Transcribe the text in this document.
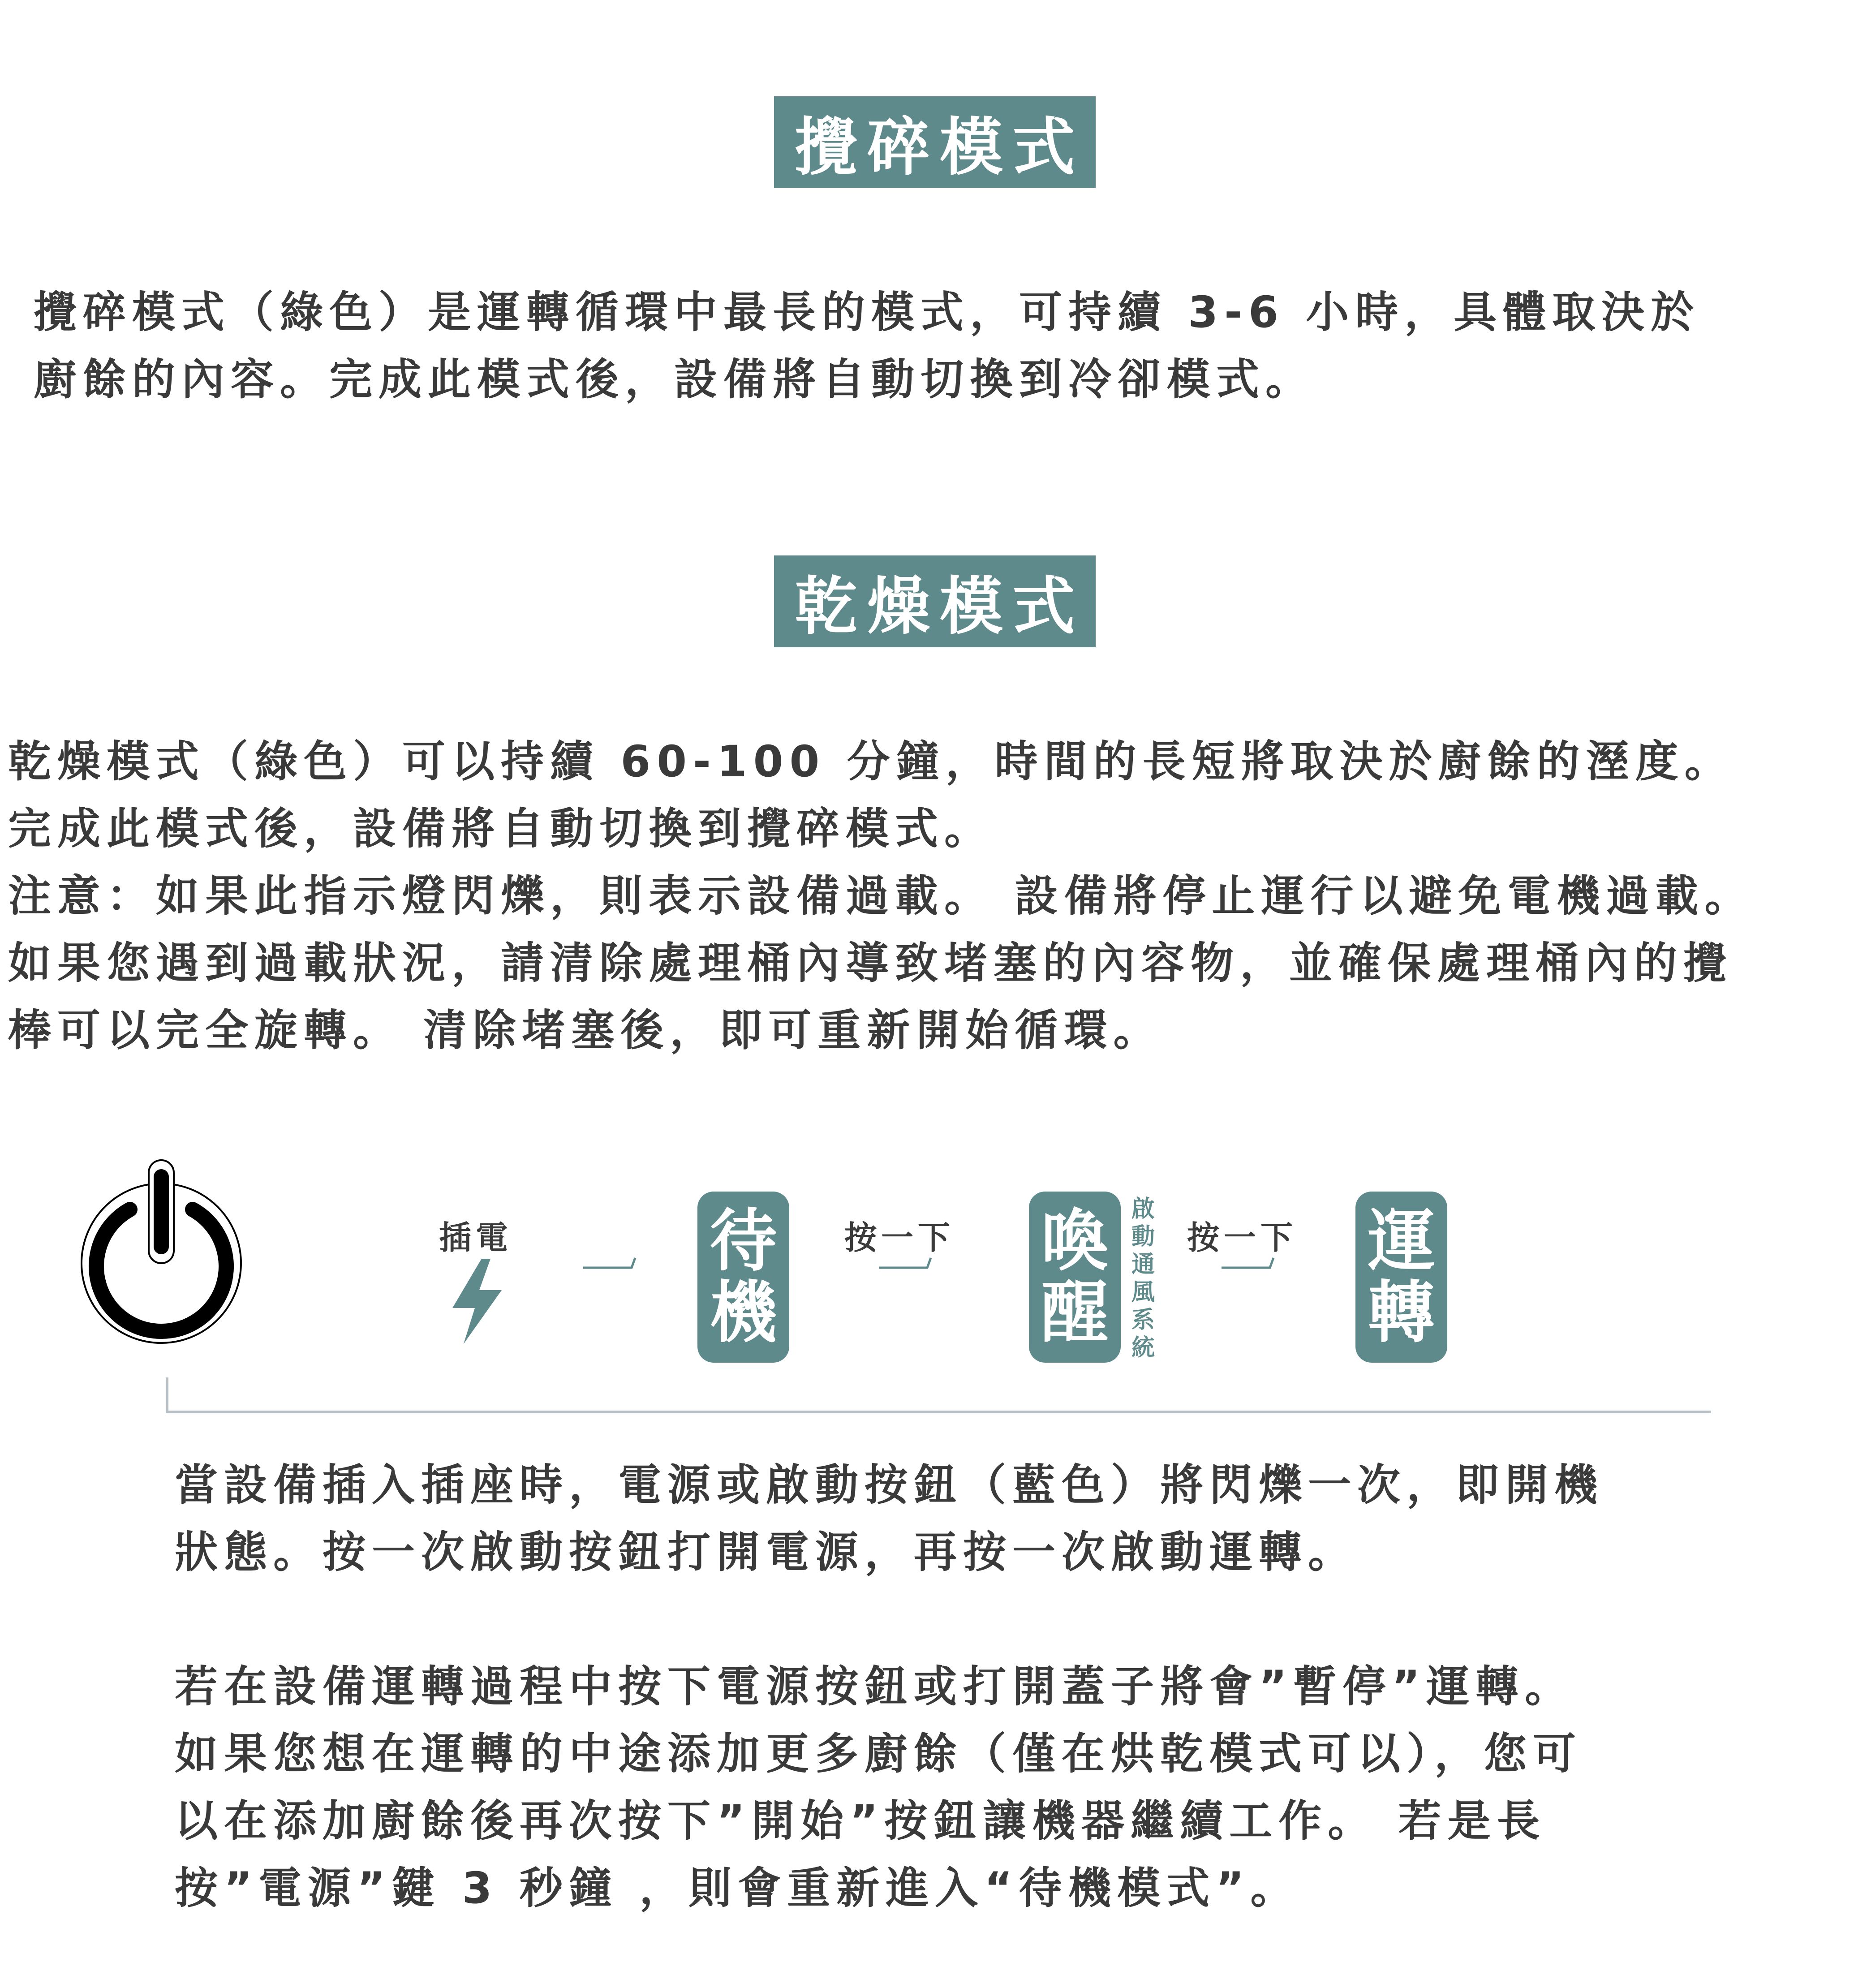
攪碎模式
攪碎模式（綠色）是運轉循環中最長的模式，可持續 3-6 小時，具體取決於
廚餘的內容。完成此模式後，設備將自動切換到冷卻模式。
乾燥模式
乾燥模式（綠色）可以持續 60-100 分鐘，時間的長短將取決於廚餘的溼度。
完成此模式後，設備將自動切換到攪碎模式。
注意：如果此指示燈閃爍，則表示設備過載。 設備將停止運行以避免電機過載。
如果您遇到過載狀況，請清除處理桶內導致堵塞的內容物，並確保處理桶內的攪
棒可以完全旋轉。 清除堵塞後，即可重新開始循環。
插電	按一下	按一下
待
機
喚
醒
啟動通風系統
運
轉
當設備插入插座時，電源或啟動按鈕（藍色）將閃爍一次，即開機
狀態。按一次啟動按鈕打開電源，再按一次啟動運轉。
若在設備運轉過程中按下電源按鈕或打開蓋子將會”暫停”運轉。
如果您想在運轉的中途添加更多廚餘（僅在烘乾模式可以），您可
以在添加廚餘後再次按下”開始”按鈕讓機器繼續工作。 若是長
按”電源”鍵 3 秒鐘 ，則會重新進入“待機模式”。
